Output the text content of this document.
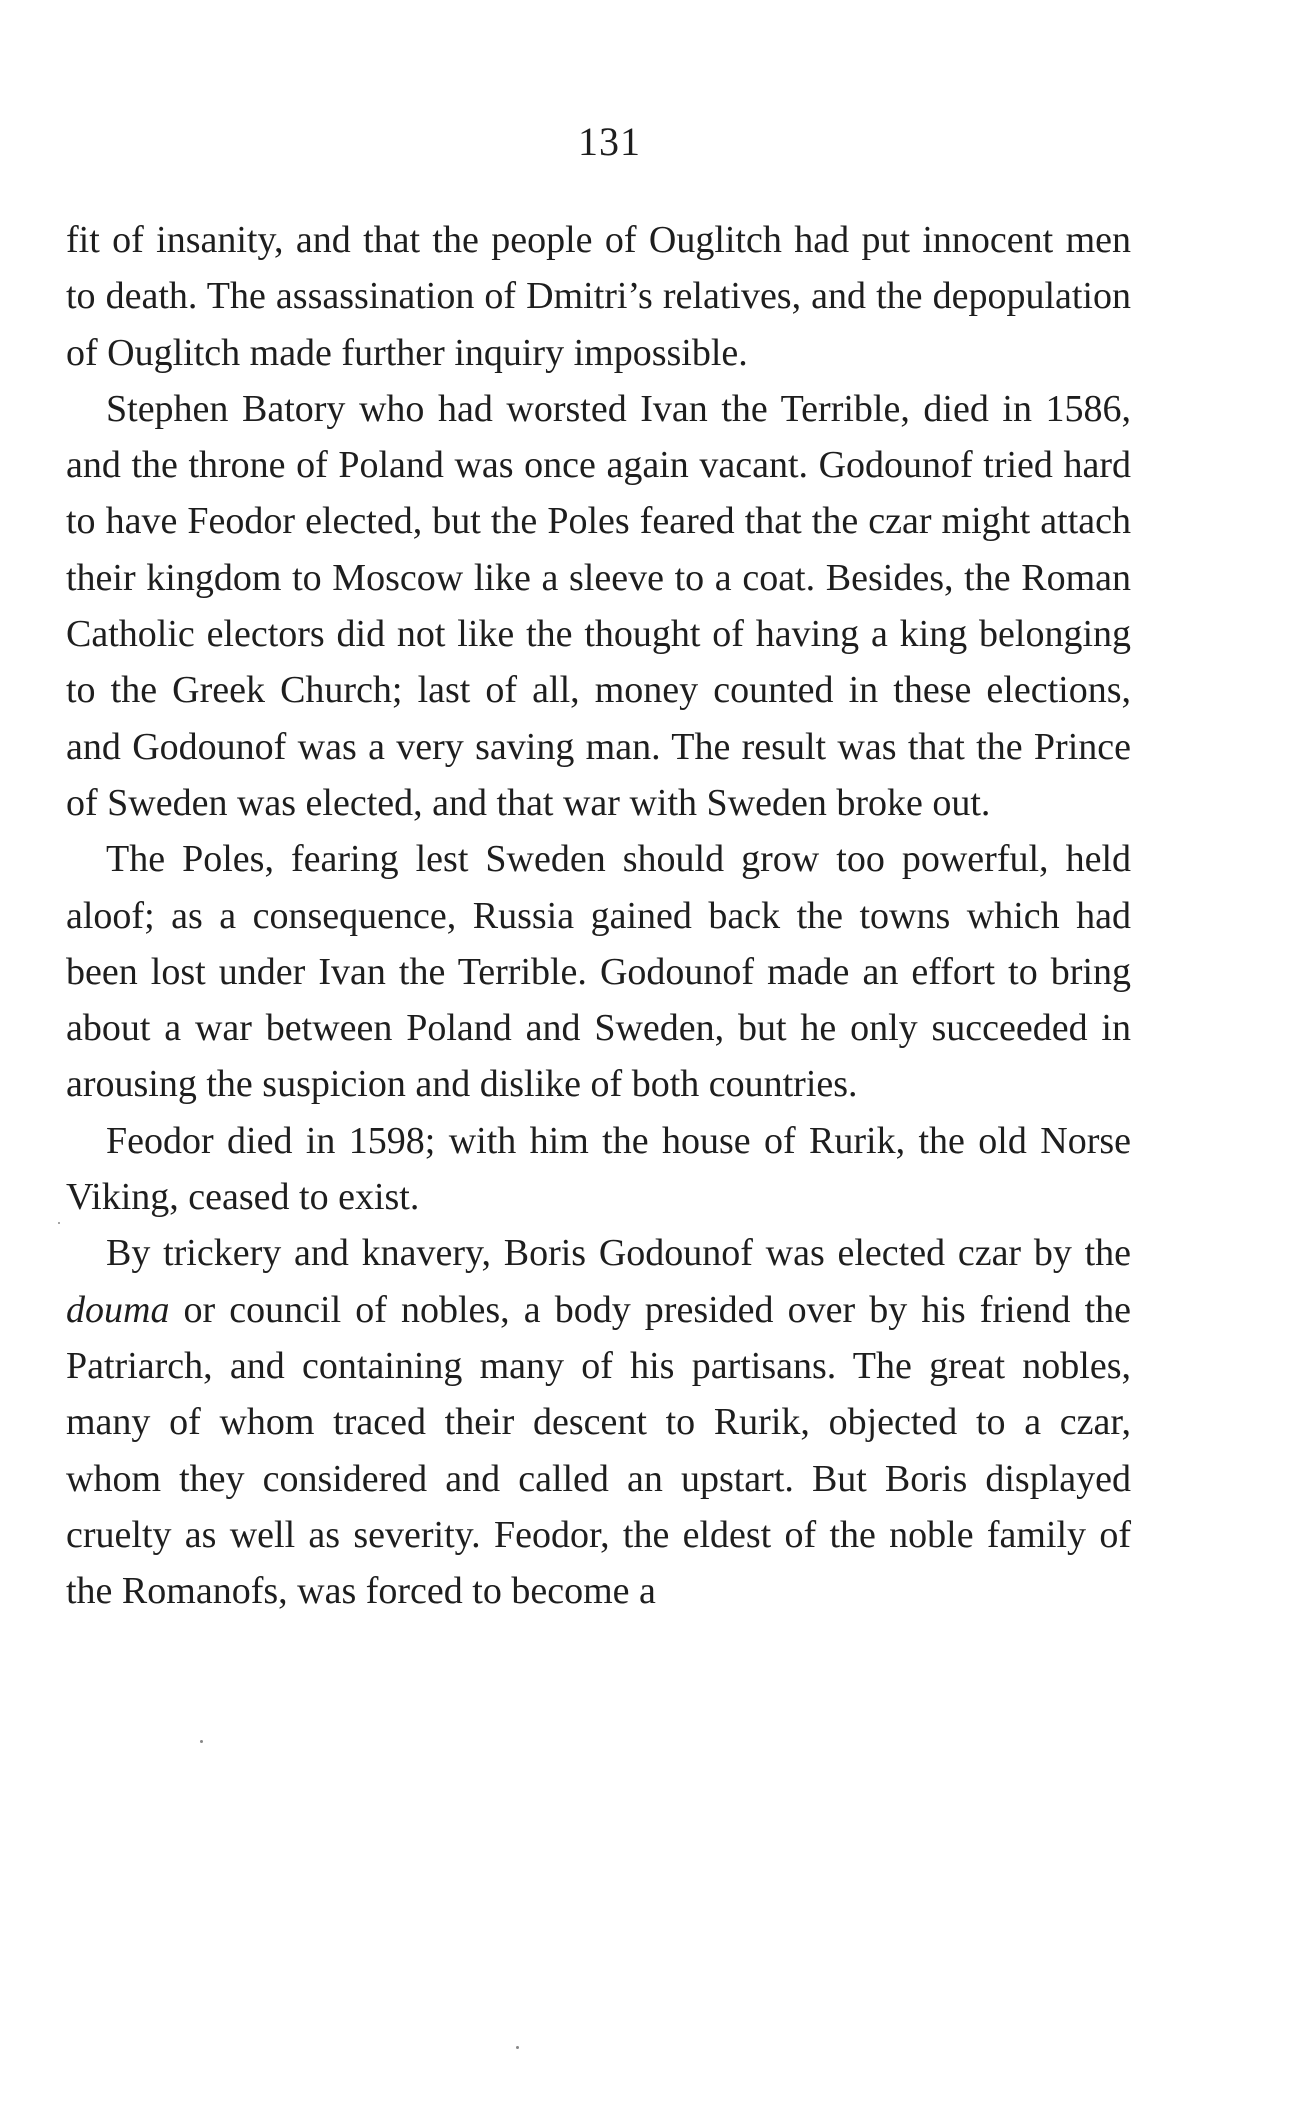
131

fit of insanity, and that the people of Ouglitch had put innocent men to death. The assassination of Dmitri’s relatives, and the depopulation of Ouglitch made further inquiry impossible.

Stephen Batory who had worsted Ivan the Terrible, died in 1586, and the throne of Poland was once again vacant. Godounof tried hard to have Feodor elected, but the Poles feared that the czar might attach their kingdom to Moscow like a sleeve to a coat. Besides, the Roman Catholic electors did not like the thought of having a king belonging to the Greek Church; last of all, money counted in these elections, and Godounof was a very saving man. The result was that the Prince of Sweden was elected, and that war with Sweden broke out.

The Poles, fearing lest Sweden should grow too powerful, held aloof; as a consequence, Russia gained back the towns which had been lost under Ivan the Terrible. Godounof made an effort to bring about a war between Poland and Sweden, but he only succeeded in arousing the suspicion and dislike of both countries.

Feodor died in 1598; with him the house of Rurik, the old Norse Viking, ceased to exist.

By trickery and knavery, Boris Godounof was elected czar by the douma or council of nobles, a body presided over by his friend the Patriarch, and containing many of his partisans. The great nobles, many of whom traced their descent to Rurik, objected to a czar, whom they considered and called an upstart. But Boris displayed cruelty as well as severity. Feodor, the eldest of the noble family of the Romanofs, was forced to become a
